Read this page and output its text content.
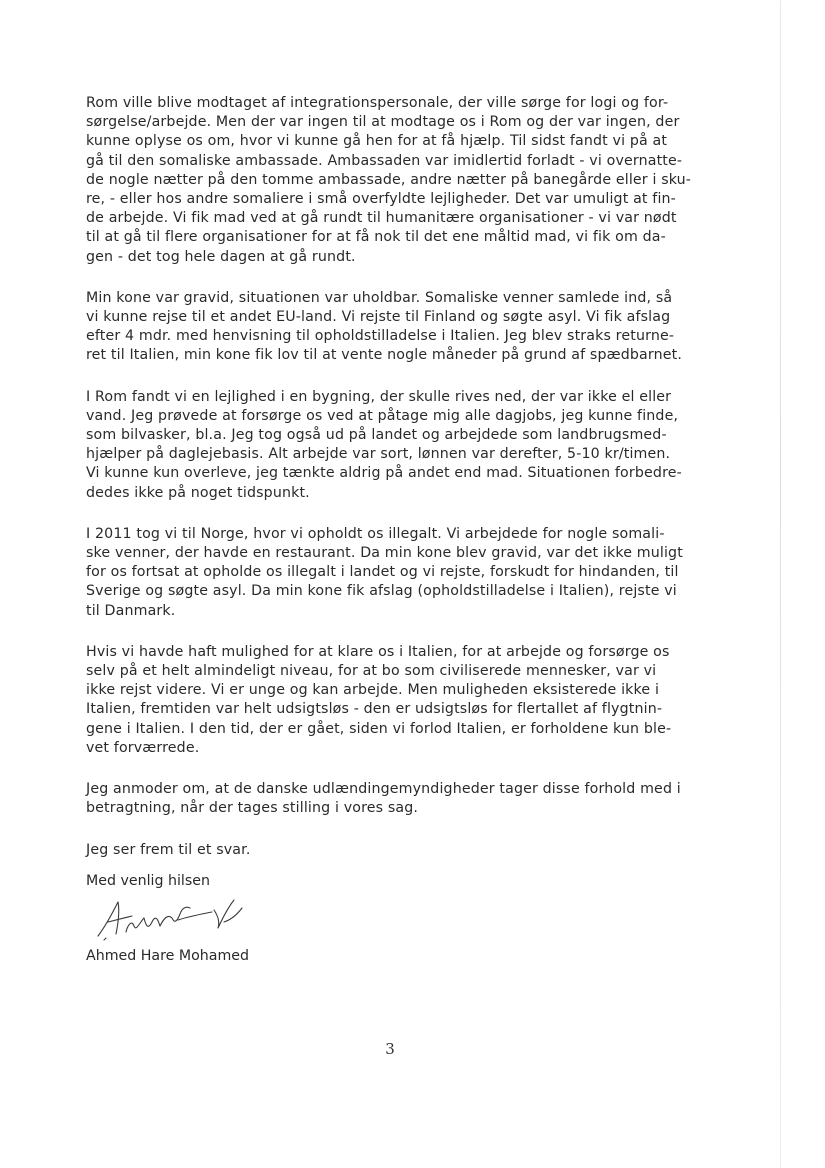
Rom ville blive modtaget af integrationspersonale, der ville sørge for logi og for-
sørgelse/arbejde. Men der var ingen til at modtage os i Rom og der var ingen, der
kunne oplyse os om, hvor vi kunne gå hen for at få hjælp. Til sidst fandt vi på at
gå til den somaliske ambassade. Ambassaden var imidlertid forladt - vi overnatte-
de nogle nætter på den tomme ambassade, andre nætter på banegårde eller i sku-
re, - eller hos andre somaliere i små overfyldte lejligheder. Det var umuligt at fin-
de arbejde. Vi fik mad ved at gå rundt til humanitære organisationer - vi var nødt
til at gå til flere organisationer for at få nok til det ene måltid mad, vi fik om da-
gen - det tog hele dagen at gå rundt.

Min kone var gravid, situationen var uholdbar. Somaliske venner samlede ind, så
vi kunne rejse til et andet EU-land. Vi rejste til Finland og søgte asyl. Vi fik afslag
efter 4 mdr. med henvisning til opholdstilladelse i Italien. Jeg blev straks returne-
ret til Italien, min kone fik lov til at vente nogle måneder på grund af spædbarnet.

I Rom fandt vi en lejlighed i en bygning, der skulle rives ned, der var ikke el eller
vand. Jeg prøvede at forsørge os ved at påtage mig alle dagjobs, jeg kunne finde,
som bilvasker, bl.a. Jeg tog også ud på landet og arbejdede som landbrugsmed-
hjælper på daglejebasis. Alt arbejde var sort, lønnen var derefter, 5-10 kr/timen.
Vi kunne kun overleve, jeg tænkte aldrig på andet end mad. Situationen forbedre-
dedes ikke på noget tidspunkt.

I 2011 tog vi til Norge, hvor vi opholdt os illegalt. Vi arbejdede for nogle somali-
ske venner, der havde en restaurant. Da min kone blev gravid, var det ikke muligt
for os fortsat at opholde os illegalt i landet og vi rejste, forskudt for hindanden, til
Sverige og søgte asyl. Da min kone fik afslag (opholdstilladelse i Italien), rejste vi
til Danmark.

Hvis vi havde haft mulighed for at klare os i Italien, for at arbejde og forsørge os
selv på et helt almindeligt niveau, for at bo som civiliserede mennesker, var vi
ikke rejst videre. Vi er unge og kan arbejde. Men muligheden eksisterede ikke i
Italien, fremtiden var helt udsigtsløs - den er udsigtsløs for flertallet af flygtnin-
gene i Italien. I den tid, der er gået, siden vi forlod Italien, er forholdene kun ble-
vet forværrede.

Jeg anmoder om, at de danske udlændingemyndigheder tager disse forhold med i
betragtning, når der tages stilling i vores sag.

Jeg ser frem til et svar.

Med venlig hilsen
Ahmed Hare Mohamed
3
